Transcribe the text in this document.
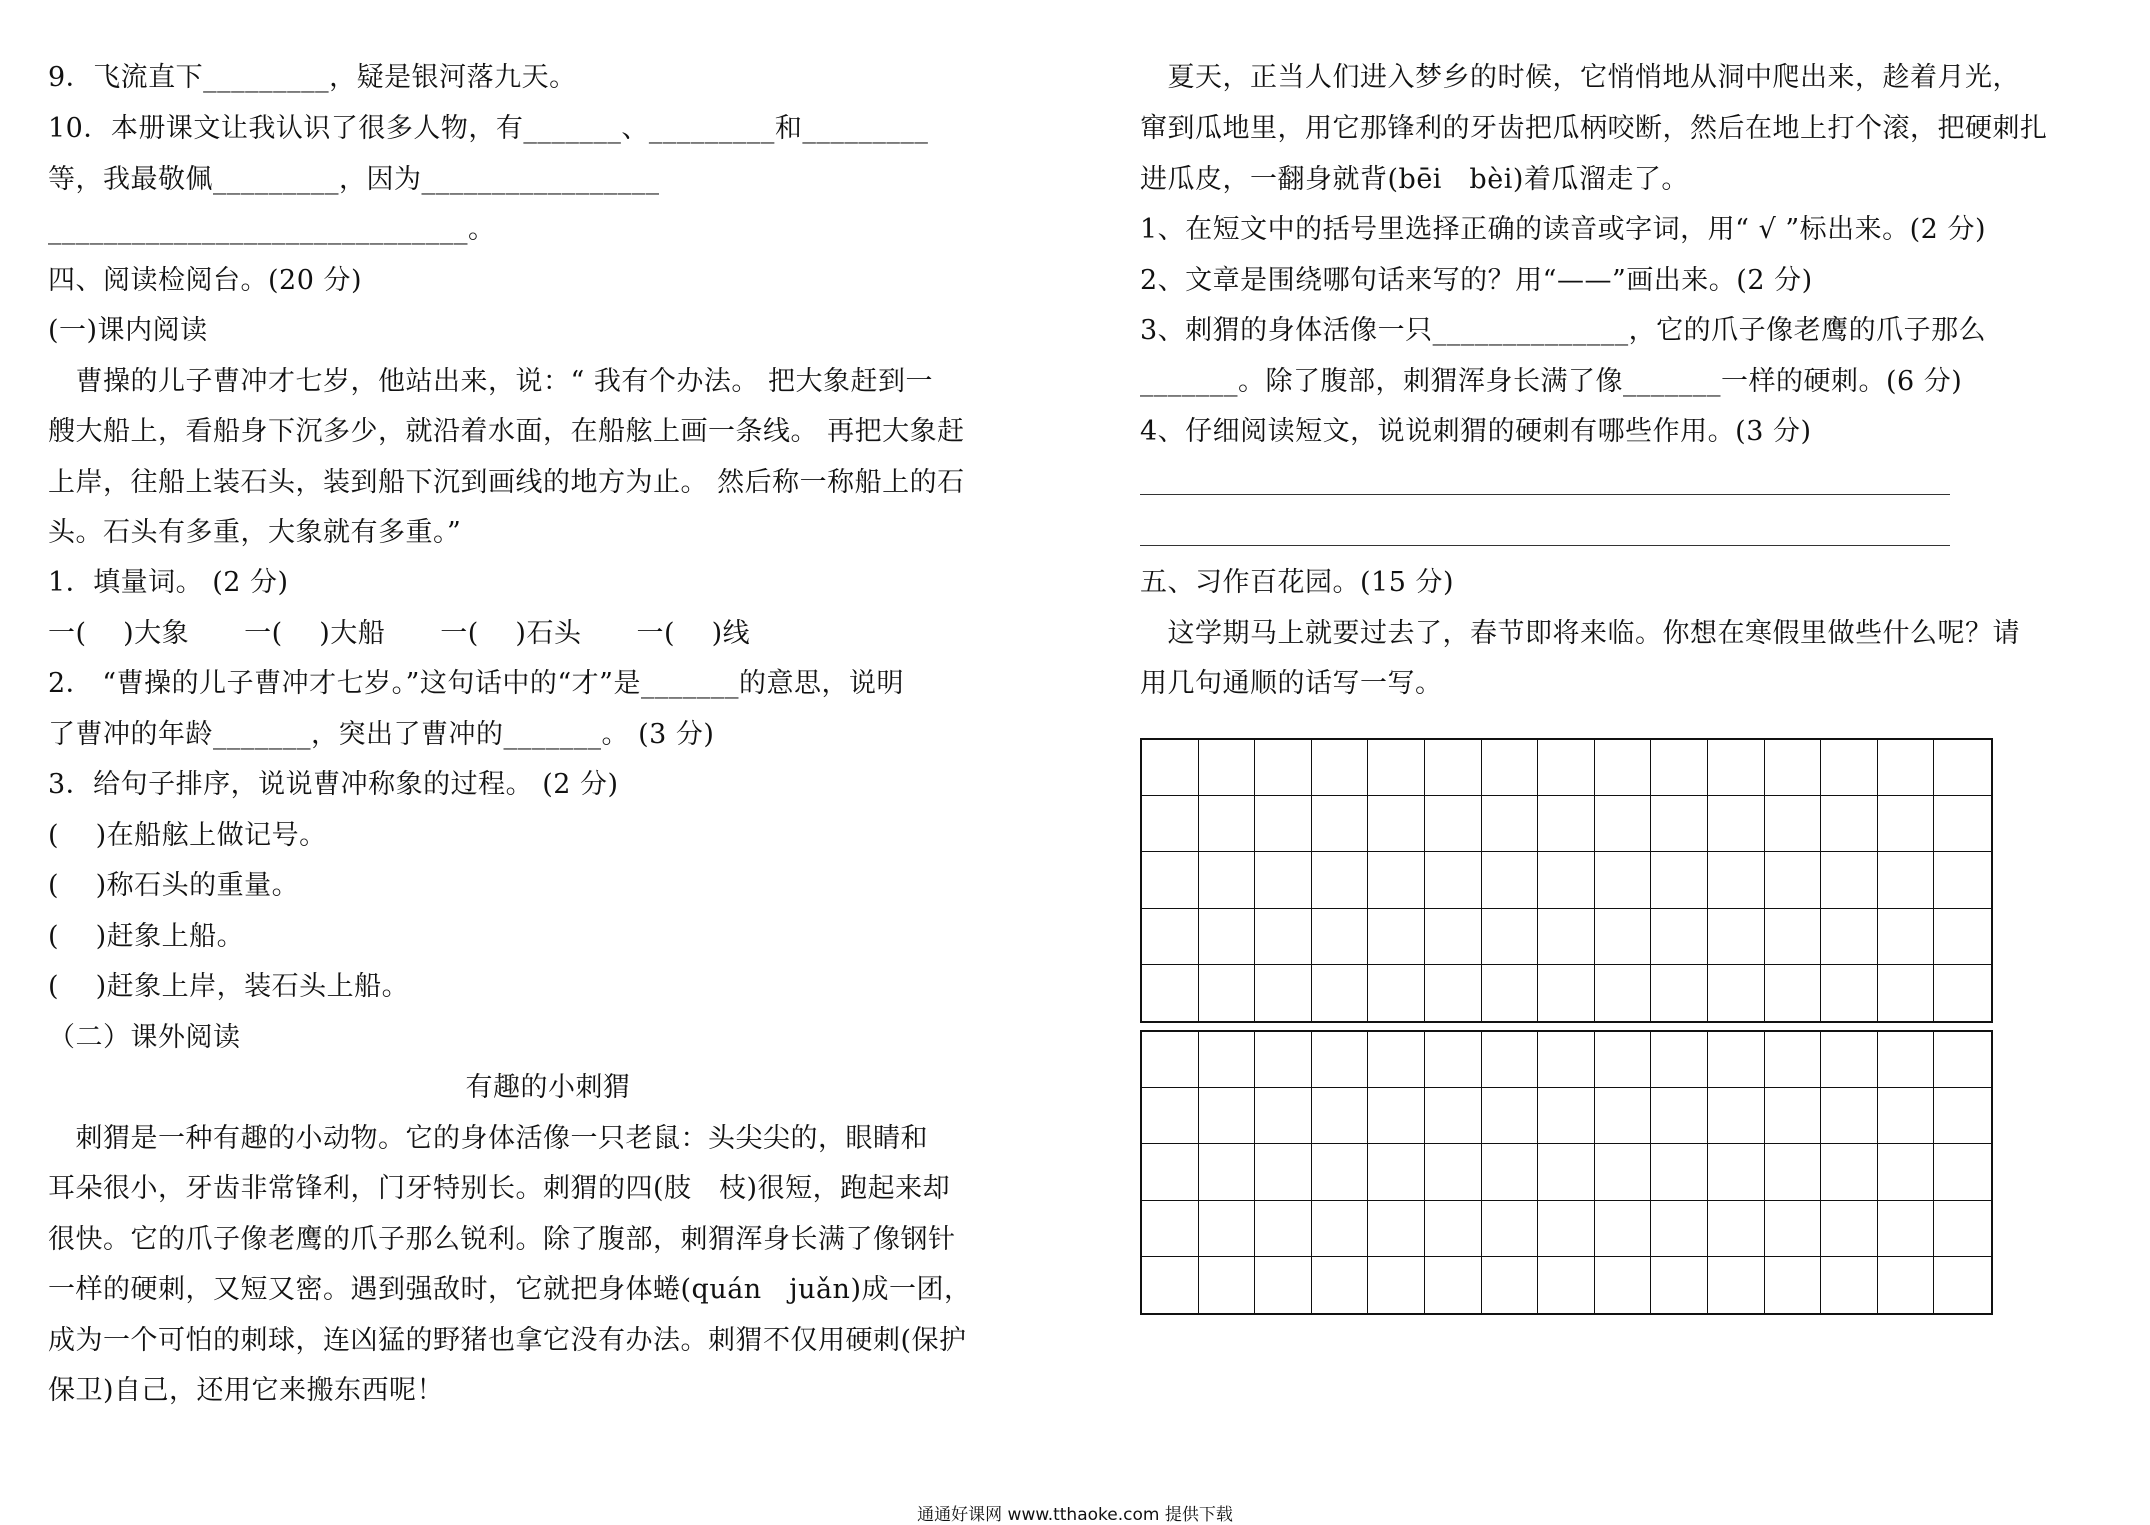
9．飞流直下_________，疑是银河落九天。
10．本册课文让我认识了很多人物，有_______、_________和_________
等，我最敬佩_________，因为_________________
______________________________。
四、阅读检阅台。(20 分)
(一)课内阅读
　曹操的儿子曹冲才七岁，他站出来，说：“ 我有个办法。 把大象赶到一
艘大船上，看船身下沉多少，就沿着水面，在船舷上画一条线。 再把大象赶
上岸，往船上装石头，装到船下沉到画线的地方为止。 然后称一称船上的石
头。石头有多重，大象就有多重。”
1．填量词。 (2 分)
一(　 )大象　　一(　 )大船　　一(　 )石头　　一(　 )线
2． “曹操的儿子曹冲才七岁。”这句话中的“才”是_______的意思，说明
了曹冲的年龄_______，突出了曹冲的_______。 (3 分)
3．给句子排序，说说曹冲称象的过程。 (2 分)
(　 )在船舷上做记号。
(　 )称石头的重量。
(　 )赶象上船。
(　 )赶象上岸，装石头上船。
（二）课外阅读
有趣的小刺猬
　刺猬是一种有趣的小动物。它的身体活像一只老鼠：头尖尖的，眼睛和
耳朵很小，牙齿非常锋利，门牙特别长。刺猬的四(肢　枝)很短，跑起来却
很快。它的爪子像老鹰的爪子那么锐利。除了腹部，刺猬浑身长满了像钢针
一样的硬刺，又短又密。遇到强敌时，它就把身体蜷(quán　juǎn)成一团，
成为一个可怕的刺球，连凶猛的野猪也拿它没有办法。刺猬不仅用硬刺(保护
保卫)自己，还用它来搬东西呢！
　夏天，正当人们进入梦乡的时候，它悄悄地从洞中爬出来，趁着月光，
窜到瓜地里，用它那锋利的牙齿把瓜柄咬断，然后在地上打个滚，把硬刺扎
进瓜皮，一翻身就背(bēi　bèi)着瓜溜走了。
1、在短文中的括号里选择正确的读音或字词，用“ √ ”标出来。(2 分)
2、文章是围绕哪句话来写的？用“——”画出来。(2 分)
3、刺猬的身体活像一只______________，它的爪子像老鹰的爪子那么
_______。除了腹部，刺猬浑身长满了像_______一样的硬刺。(6 分)
4、仔细阅读短文，说说刺猬的硬刺有哪些作用。(3 分)
五、习作百花园。(15 分)
　这学期马上就要过去了，春节即将来临。你想在寒假里做些什么呢？请
用几句通顺的话写一写。
通通好课网 www.tthaoke.com 提供下载
